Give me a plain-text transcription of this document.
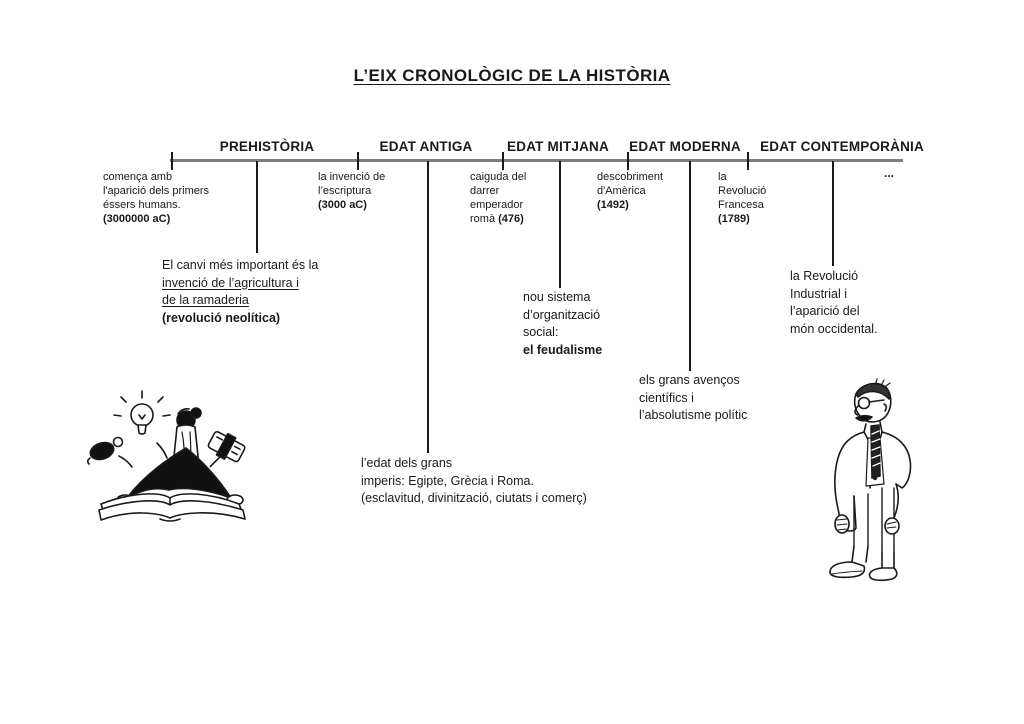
L’EIX CRONOLÒGIC DE LA HISTÒRIA
PREHISTÒRIA	EDAT ANTIGA	EDAT MITJANA EDAT MODERNA EDAT CONTEMPORÀNIA
comença amb
l'aparició dels primers
éssers humans.
(3000000 aC)
la invenció de
l’escriptura
(3000 aC)
caiguda del
darrer
emperador
romà (476)
descobriment
d'Amèrica
(1492)
la
Revolució
Francesa
(1789)
...
El canvi més important és la
invenció de l’agricultura i
de la ramaderia
(revolució neolítica)
l’edat dels grans
imperis: Egipte, Grècia i Roma.
(esclavitud, divinització, ciutats i comerç)
nou sistema
d’organització
social:
el feudalisme
els grans avenços
científics i
l’absolutisme polític
la Revolució
Industrial i
l’aparició del
món occidental.
